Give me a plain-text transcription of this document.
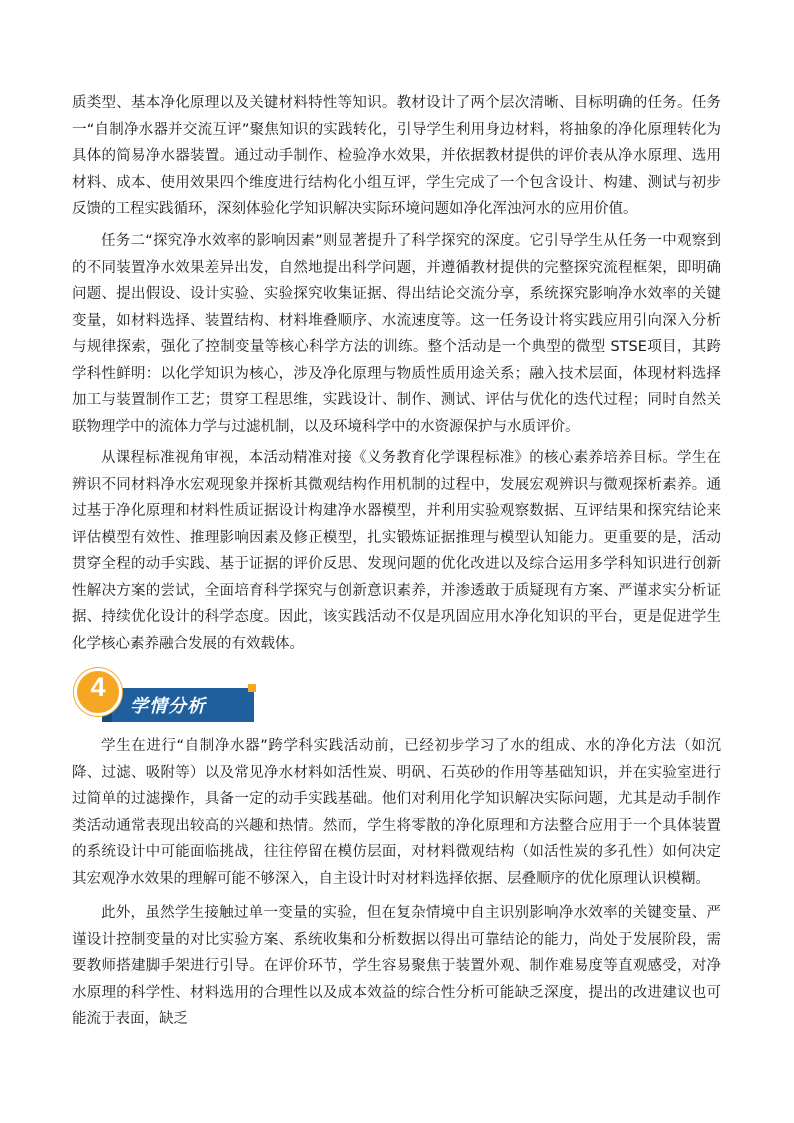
质类型、基本净化原理以及关键材料特性等知识。教材设计了两个层次清晰、目标明确的任务。任务一“自制净水器并交流互评”聚焦知识的实践转化，引导学生利用身边材料，将抽象的净化原理转化为具体的简易净水器装置。通过动手制作、检验净水效果，并依据教材提供的评价表从净水原理、选用材料、成本、使用效果四个维度进行结构化小组互评，学生完成了一个包含设计、构建、测试与初步反馈的工程实践循环，深刻体验化学知识解决实际环境问题如净化浑浊河水的应用价值。

任务二“探究净水效率的影响因素”则显著提升了科学探究的深度。它引导学生从任务一中观察到的不同装置净水效果差异出发，自然地提出科学问题，并遵循教材提供的完整探究流程框架，即明确问题、提出假设、设计实验、实验探究收集证据、得出结论交流分享，系统探究影响净水效率的关键变量，如材料选择、装置结构、材料堆叠顺序、水流速度等。这一任务设计将实践应用引向深入分析与规律探索，强化了控制变量等核心科学方法的训练。整个活动是一个典型的微型 STSE项目，其跨学科性鲜明：以化学知识为核心，涉及净化原理与物质性质用途关系；融入技术层面，体现材料选择加工与装置制作工艺；贯穿工程思维，实践设计、制作、测试、评估与优化的迭代过程；同时自然关联物理学中的流体力学与过滤机制，以及环境科学中的水资源保护与水质评价。

从课程标准视角审视，本活动精准对接《义务教育化学课程标准》的核心素养培养目标。学生在辨识不同材料净水宏观现象并探析其微观结构作用机制的过程中，发展宏观辨识与微观探析素养。通过基于净化原理和材料性质证据设计构建净水器模型，并利用实验观察数据、互评结果和探究结论来评估模型有效性、推理影响因素及修正模型，扎实锻炼证据推理与模型认知能力。更重要的是，活动贯穿全程的动手实践、基于证据的评价反思、发现问题的优化改进以及综合运用多学科知识进行创新性解决方案的尝试，全面培育科学探究与创新意识素养，并渗透敢于质疑现有方案、严谨求实分析证据、持续优化设计的科学态度。因此，该实践活动不仅是巩固应用水净化知识的平台，更是促进学生化学核心素养融合发展的有效载体。

学情分析
4

学生在进行“自制净水器”跨学科实践活动前，已经初步学习了水的组成、水的净化方法（如沉降、过滤、吸附等）以及常见净水材料如活性炭、明矾、石英砂的作用等基础知识，并在实验室进行过简单的过滤操作，具备一定的动手实践基础。他们对利用化学知识解决实际问题，尤其是动手制作类活动通常表现出较高的兴趣和热情。然而，学生将零散的净化原理和方法整合应用于一个具体装置的系统设计中可能面临挑战，往往停留在模仿层面，对材料微观结构（如活性炭的多孔性）如何决定其宏观净水效果的理解可能不够深入，自主设计时对材料选择依据、层叠顺序的优化原理认识模糊。

此外，虽然学生接触过单一变量的实验，但在复杂情境中自主识别影响净水效率的关键变量、严谨设计控制变量的对比实验方案、系统收集和分析数据以得出可靠结论的能力，尚处于发展阶段，需要教师搭建脚手架进行引导。在评价环节，学生容易聚焦于装置外观、制作难易度等直观感受，对净水原理的科学性、材料选用的合理性以及成本效益的综合性分析可能缺乏深度，提出的改进建议也可能流于表面，缺乏
